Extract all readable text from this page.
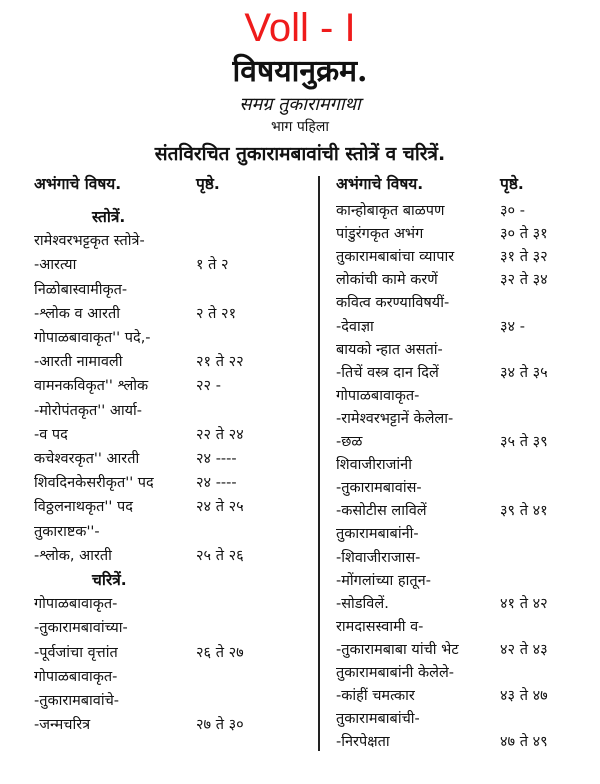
Voll - I
विषयानुक्रम.
समग्र तुकारामगाथा
भाग पहिला
संतविरचित तुकारामबावांची स्तोत्रें व चरित्रें.
अभंगाचे विषय.	पृष्ठे.
स्तोत्रें.
रामेश्वरभट्टकृत स्तोत्रे-
-आरत्या	१ ते २
निळोबास्वामीकृत-
-श्लोक व आरती	२ ते २१
गोपाळबावाकृत'' पदे,-
-आरती नामावली	२१ ते २२
वामनकविकृत'' श्लोक	२२ -
-मोरोपंतकृत'' आर्या-
-व पद	२२ ते २४
कचेश्वरकृत'' आरती	२४ ----
शिवदिनकेसरीकृत'' पद	२४ ----
विठ्ठलनाथकृत'' पद	२४ ते २५
तुकाराष्टक''-
-श्लोक, आरती	२५ ते २६
चरित्रें.
गोपाळबावाकृत-
-तुकारामबावांच्या-
-पूर्वजांचा वृत्तांत	२६ ते २७
गोपाळबावाकृत-
-तुकारामबावांचे-
-जन्मचरित्र	२७ ते ३०
अभंगाचे विषय.	पृष्ठे.
कान्होबाकृत बाळपण	३० -
पांडुरंगकृत अभंग	३० ते ३१
तुकारामबाबांचा व्यापार	३१ ते ३२
लोकांची कामे करणें	३२ ते ३४
कवित्व करण्याविषयीं-
-देवाज्ञा	३४ -
बायको न्हात असतां-
-तिचें वस्त्र दान दिलें	३४ ते ३५
गोपाळबावाकृत-
-रामेश्वरभट्टानें केलेला-
-छळ	३५ ते ३९
शिवाजीराजांनी
-तुकारामबावांस-
-कसोटीस लाविलें	३९ ते ४१
तुकारामबाबांनी-
-शिवाजीराजास-
-मोंगलांच्या हातून-
-सोडविलें.	४१ ते ४२
रामदासस्वामी व-
-तुकारामबाबा यांची भेट	४२ ते ४३
तुकारामबाबांनी केलेले-
-कांहीं चमत्कार	४३ ते ४७
तुकारामबाबांची-
-निरपेक्षता	४७ ते ४९
